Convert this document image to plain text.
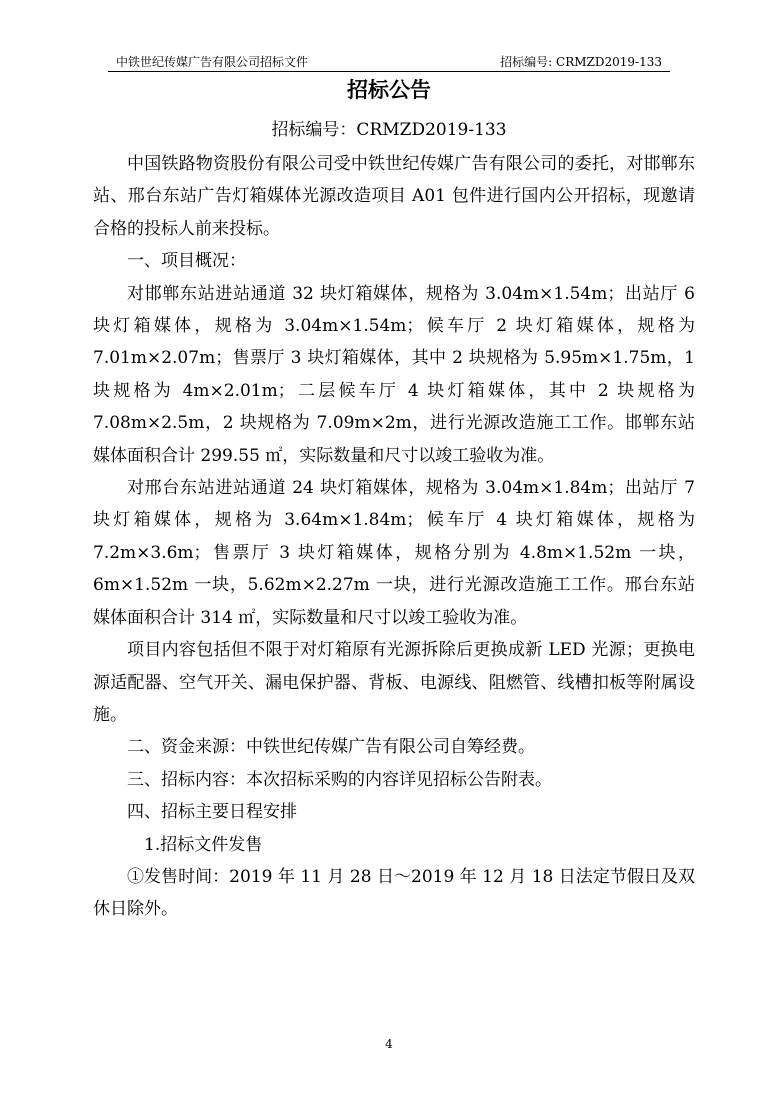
中铁世纪传媒广告有限公司招标文件	招标编号: CRMZD2019-133
招标公告
招标编号：CRMZD2019-133

中国铁路物资股份有限公司受中铁世纪传媒广告有限公司的委托，对邯郸东站、邢台东站广告灯箱媒体光源改造项目 A01 包件进行国内公开招标，现邀请合格的投标人前来投标。

一、项目概况：

对邯郸东站进站通道 32 块灯箱媒体，规格为 3.04m×1.54m；出站厅 6 块灯箱媒体，规格为 3.04m×1.54m；候车厅 2 块灯箱媒体，规格为 7.01m×2.07m；售票厅 3 块灯箱媒体，其中 2 块规格为 5.95m×1.75m，1 块规格为 4m×2.01m；二层候车厅 4 块灯箱媒体，其中 2 块规格为 7.08m×2.5m，2 块规格为 7.09m×2m，进行光源改造施工工作。邯郸东站媒体面积合计 299.55 ㎡，实际数量和尺寸以竣工验收为准。

对邢台东站进站通道 24 块灯箱媒体，规格为 3.04m×1.84m；出站厅 7 块灯箱媒体，规格为 3.64m×1.84m；候车厅 4 块灯箱媒体，规格为 7.2m×3.6m；售票厅 3 块灯箱媒体，规格分别为 4.8m×1.52m 一块，6m×1.52m 一块，5.62m×2.27m 一块，进行光源改造施工工作。邢台东站媒体面积合计 314 ㎡，实际数量和尺寸以竣工验收为准。

项目内容包括但不限于对灯箱原有光源拆除后更换成新 LED 光源；更换电源适配器、空气开关、漏电保护器、背板、电源线、阻燃管、线槽扣板等附属设施。

二、资金来源：中铁世纪传媒广告有限公司自筹经费。

三、招标内容：本次招标采购的内容详见招标公告附表。

四、招标主要日程安排

1.招标文件发售

①发售时间：2019 年 11 月 28 日～2019 年 12 月 18 日法定节假日及双休日除外。

4
